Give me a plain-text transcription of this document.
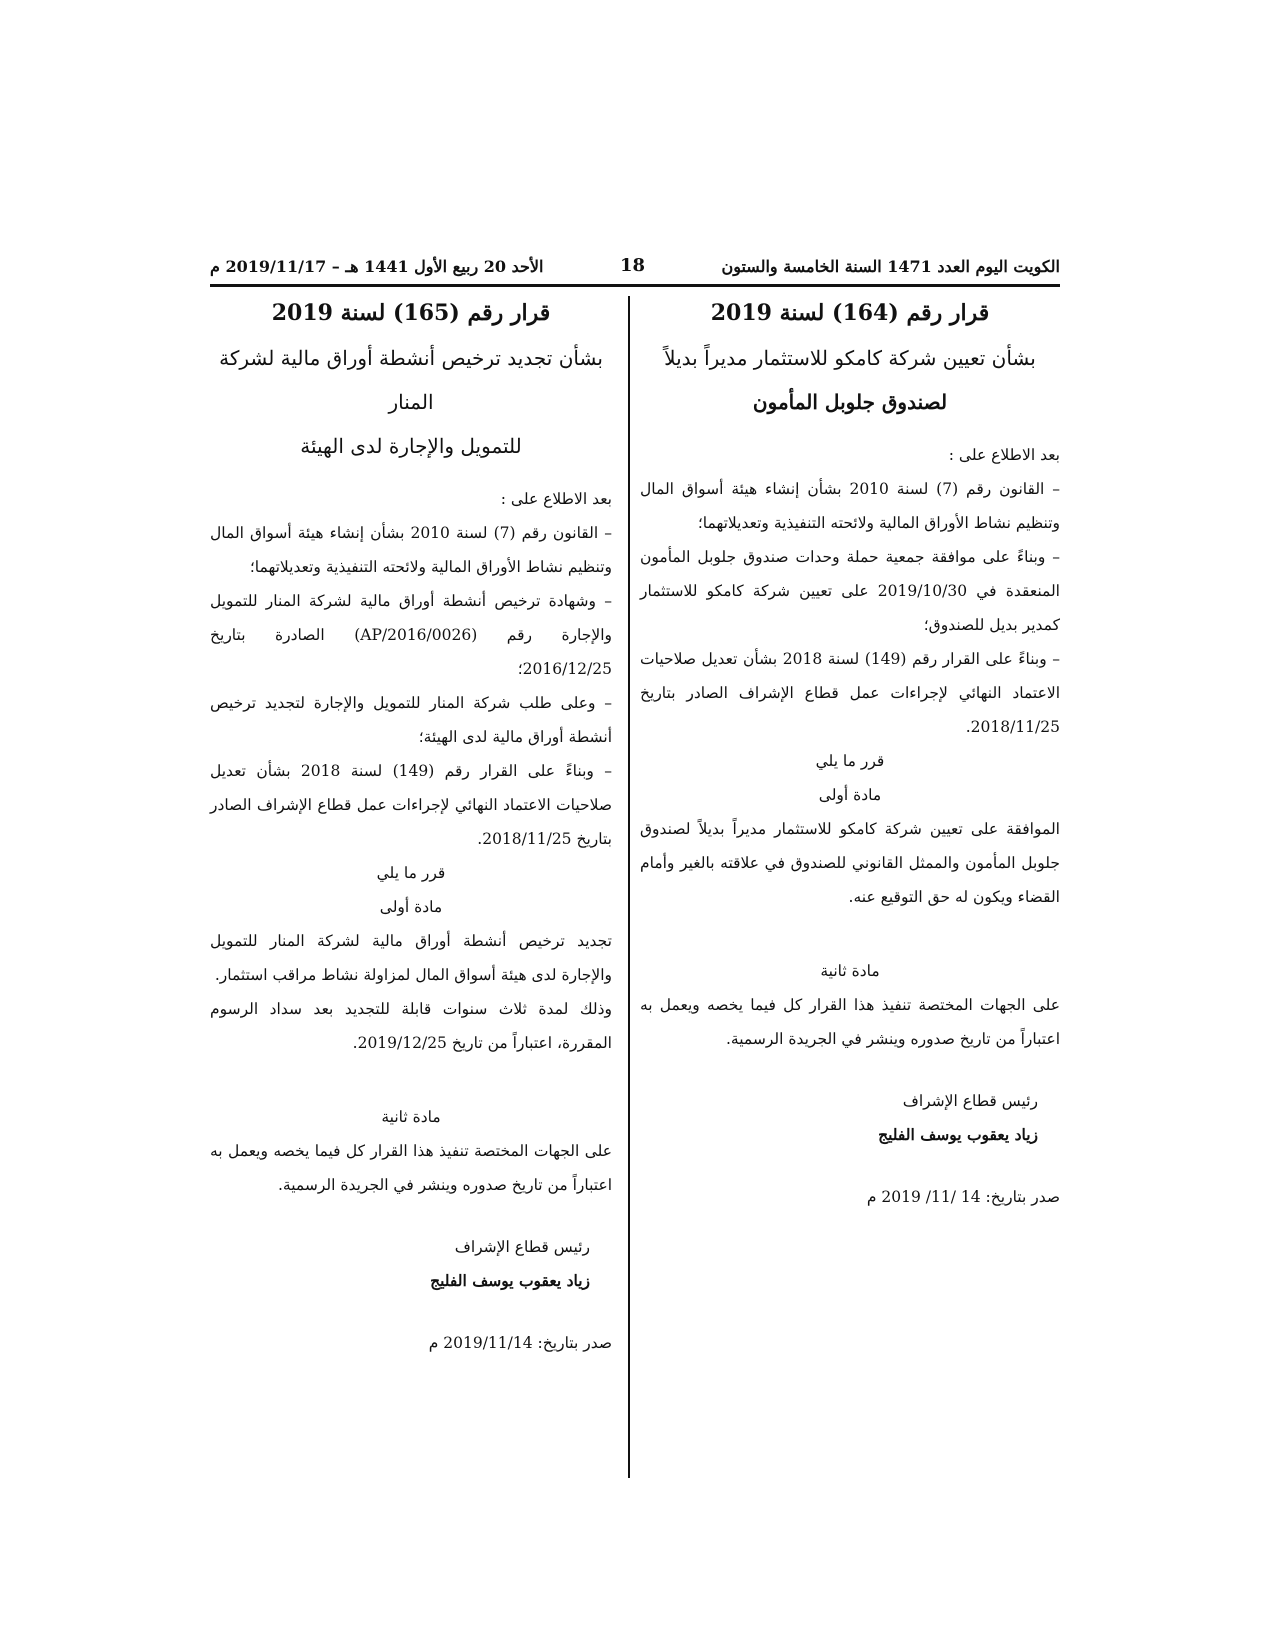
الكويت اليوم العدد 1471 السنة الخامسة والستون
18
الأحد 20 ربيع الأول 1441 هـ – 2019/11/17 م

قرار رقم (164) لسنة 2019

بشأن تعيين شركة كامكو للاستثمار مديراً بديلاً

لصندوق جلوبل المأمون

بعد الاطلاع على :

– القانون رقم (7) لسنة 2010 بشأن إنشاء هيئة أسواق المال وتنظيم نشاط الأوراق المالية ولائحته التنفيذية وتعديلاتهما؛

– وبناءً على موافقة جمعية حملة وحدات صندوق جلوبل المأمون المنعقدة في 2019/10/30 على تعيين شركة كامكو للاستثمار كمدير بديل للصندوق؛

– وبناءً على القرار رقم (149) لسنة 2018 بشأن تعديل صلاحيات الاعتماد النهائي لإجراءات عمل قطاع الإشراف الصادر بتاريخ 2018/11/25.

قرر ما يلي

مادة أولى

الموافقة على تعيين شركة كامكو للاستثمار مديراً بديلاً لصندوق جلوبل المأمون والممثل القانوني للصندوق في علاقته بالغير وأمام القضاء ويكون له حق التوقيع عنه.

مادة ثانية

على الجهات المختصة تنفيذ هذا القرار كل فيما يخصه ويعمل به اعتباراً من تاريخ صدوره وينشر في الجريدة الرسمية.

رئيس قطاع الإشراف

زياد يعقوب يوسف الفليج

صدر بتاريخ: 14 /11/ 2019 م

قرار رقم (165) لسنة 2019

بشأن تجديد ترخيص أنشطة أوراق مالية لشركة المنار

للتمويل والإجارة لدى الهيئة

بعد الاطلاع على :

– القانون رقم (7) لسنة 2010 بشأن إنشاء هيئة أسواق المال وتنظيم نشاط الأوراق المالية ولائحته التنفيذية وتعديلاتهما؛

– وشهادة ترخيص أنشطة أوراق مالية لشركة المنار للتمويل والإجارة رقم (AP/2016/0026) الصادرة بتاريخ 2016/12/25؛

– وعلى طلب شركة المنار للتمويل والإجارة لتجديد ترخيص أنشطة أوراق مالية لدى الهيئة؛

– وبناءً على القرار رقم (149) لسنة 2018 بشأن تعديل صلاحيات الاعتماد النهائي لإجراءات عمل قطاع الإشراف الصادر بتاريخ 2018/11/25.

قرر ما يلي

مادة أولى

تجديد ترخيص أنشطة أوراق مالية لشركة المنار للتمويل والإجارة لدى هيئة أسواق المال لمزاولة نشاط مراقب استثمار.

وذلك لمدة ثلاث سنوات قابلة للتجديد بعد سداد الرسوم المقررة، اعتباراً من تاريخ 2019/12/25.

مادة ثانية

على الجهات المختصة تنفيذ هذا القرار كل فيما يخصه ويعمل به اعتباراً من تاريخ صدوره وينشر في الجريدة الرسمية.

رئيس قطاع الإشراف

زياد يعقوب يوسف الفليج

صدر بتاريخ: 2019/11/14 م
